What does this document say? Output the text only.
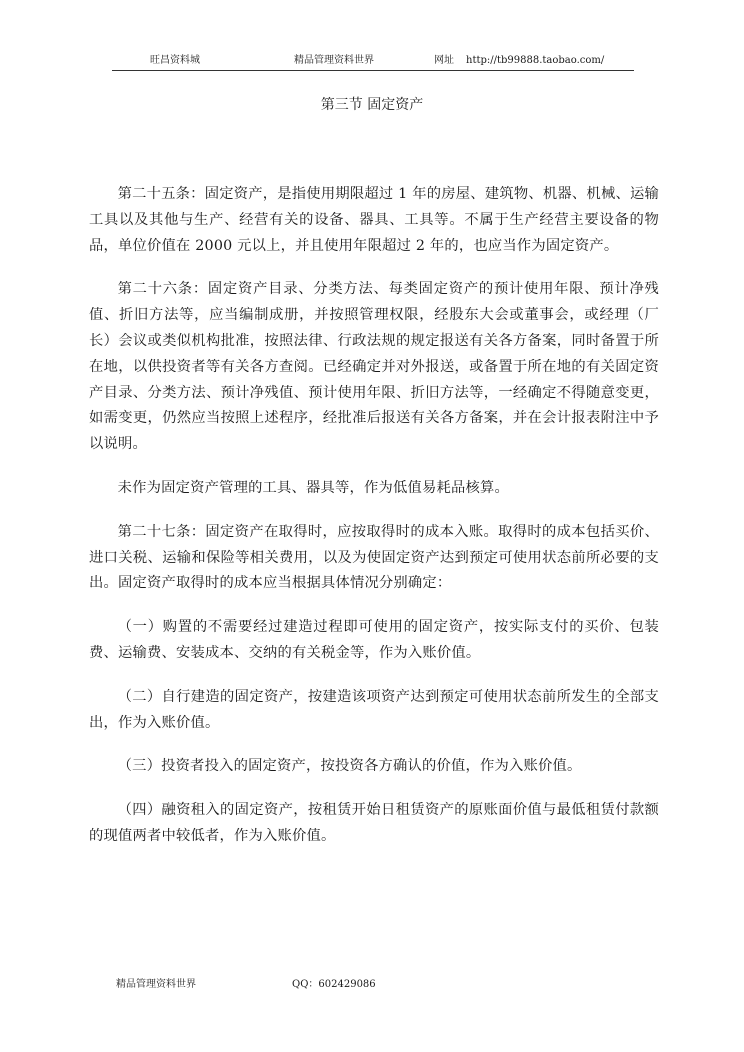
旺昌资料城	精品管理资料世界	网址 http://tb99888.taobao.com/
第三节 固定资产

第二十五条：固定资产，是指使用期限超过 1 年的房屋、建筑物、机器、机械、运输工具以及其他与生产、经营有关的设备、器具、工具等。不属于生产经营主要设备的物品，单位价值在 2000 元以上，并且使用年限超过 2 年的，也应当作为固定资产。

第二十六条：固定资产目录、分类方法、每类固定资产的预计使用年限、预计净残值、折旧方法等，应当编制成册，并按照管理权限，经股东大会或董事会，或经理（厂长）会议或类似机构批准，按照法律、行政法规的规定报送有关各方备案，同时备置于所在地，以供投资者等有关各方查阅。已经确定并对外报送，或备置于所在地的有关固定资产目录、分类方法、预计净残值、预计使用年限、折旧方法等，一经确定不得随意变更，如需变更，仍然应当按照上述程序，经批准后报送有关各方备案，并在会计报表附注中予以说明。

未作为固定资产管理的工具、器具等，作为低值易耗品核算。

第二十七条：固定资产在取得时，应按取得时的成本入账。取得时的成本包括买价、进口关税、运输和保险等相关费用，以及为使固定资产达到预定可使用状态前所必要的支出。固定资产取得时的成本应当根据具体情况分别确定：

（一）购置的不需要经过建造过程即可使用的固定资产，按实际支付的买价、包装费、运输费、安装成本、交纳的有关税金等，作为入账价值。

（二）自行建造的固定资产，按建造该项资产达到预定可使用状态前所发生的全部支出，作为入账价值。

（三）投资者投入的固定资产，按投资各方确认的价值，作为入账价值。

（四）融资租入的固定资产，按租赁开始日租赁资产的原账面价值与最低租赁付款额的现值两者中较低者，作为入账价值。

精品管理资料世界	QQ：602429086
